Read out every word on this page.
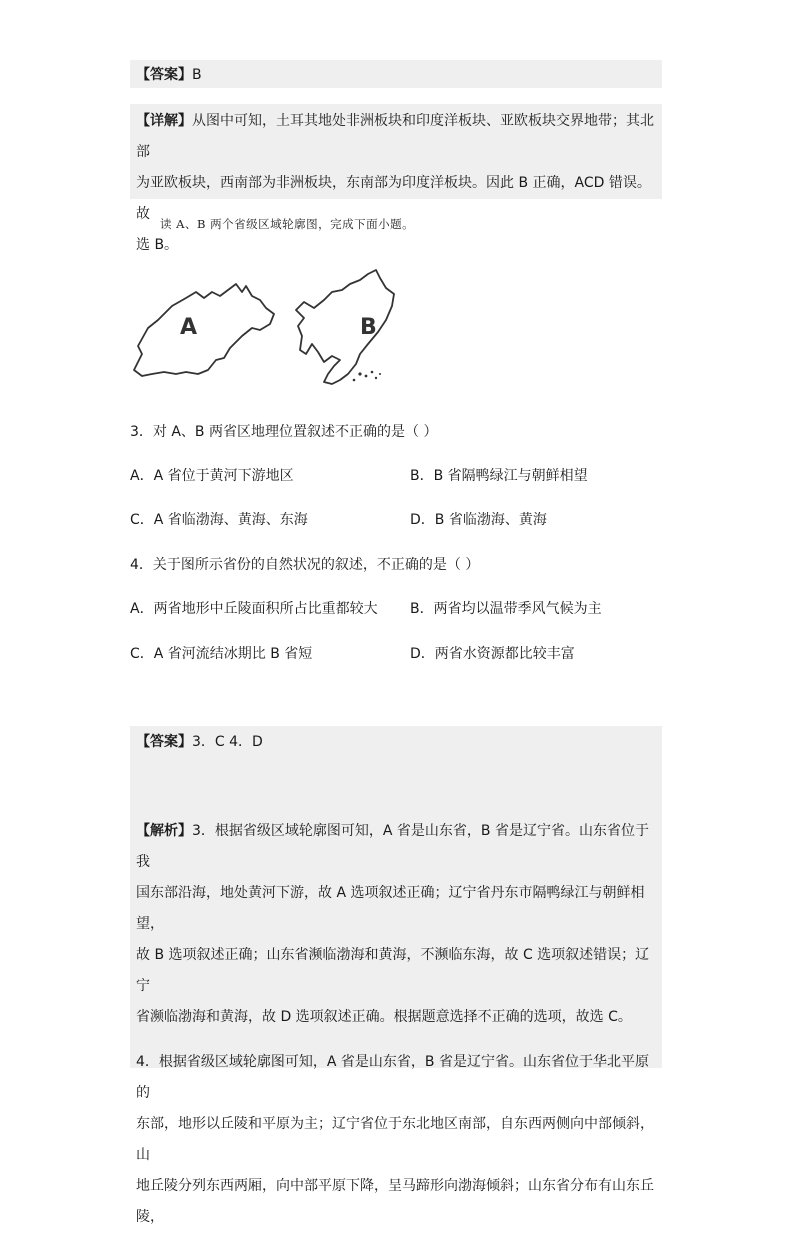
【答案】B

【详解】从图中可知，土耳其地处非洲板块和印度洋板块、亚欧板块交界地带；其北部

为亚欧板块，西南部为非洲板块，东南部为印度洋板块。因此 B 正确，ACD 错误。故

选 B。

读 A、B 两个省级区域轮廓图，完成下面小题。
A	B
3．对 A、B 两省区地理位置叙述不正确的是（ ）
A．A 省位于黄河下游地区	B．B 省隔鸭绿江与朝鲜相望
C．A 省临渤海、黄海、东海	D．B 省临渤海、黄海
4．关于图所示省份的自然状况的叙述，不正确的是（ ）
A．两省地形中丘陵面积所占比重都较大 B．两省均以温带季风气候为主
C．A 省河流结冰期比 B 省短	D．两省水资源都比较丰富

【答案】3．C 4．D

【解析】3．根据省级区域轮廓图可知，A 省是山东省，B 省是辽宁省。山东省位于我

国东部沿海，地处黄河下游，故 A 选项叙述正确；辽宁省丹东市隔鸭绿江与朝鲜相望，

故 B 选项叙述正确；山东省濒临渤海和黄海，不濒临东海，故 C 选项叙述错误；辽宁

省濒临渤海和黄海，故 D 选项叙述正确。根据题意选择不正确的选项，故选 C。

4．根据省级区域轮廓图可知，A 省是山东省，B 省是辽宁省。山东省位于华北平原的

东部，地形以丘陵和平原为主；辽宁省位于东北地区南部，自东西两侧向中部倾斜，山

地丘陵分列东西两厢，向中部平原下降，呈马蹄形向渤海倾斜；山东省分布有山东丘陵，
